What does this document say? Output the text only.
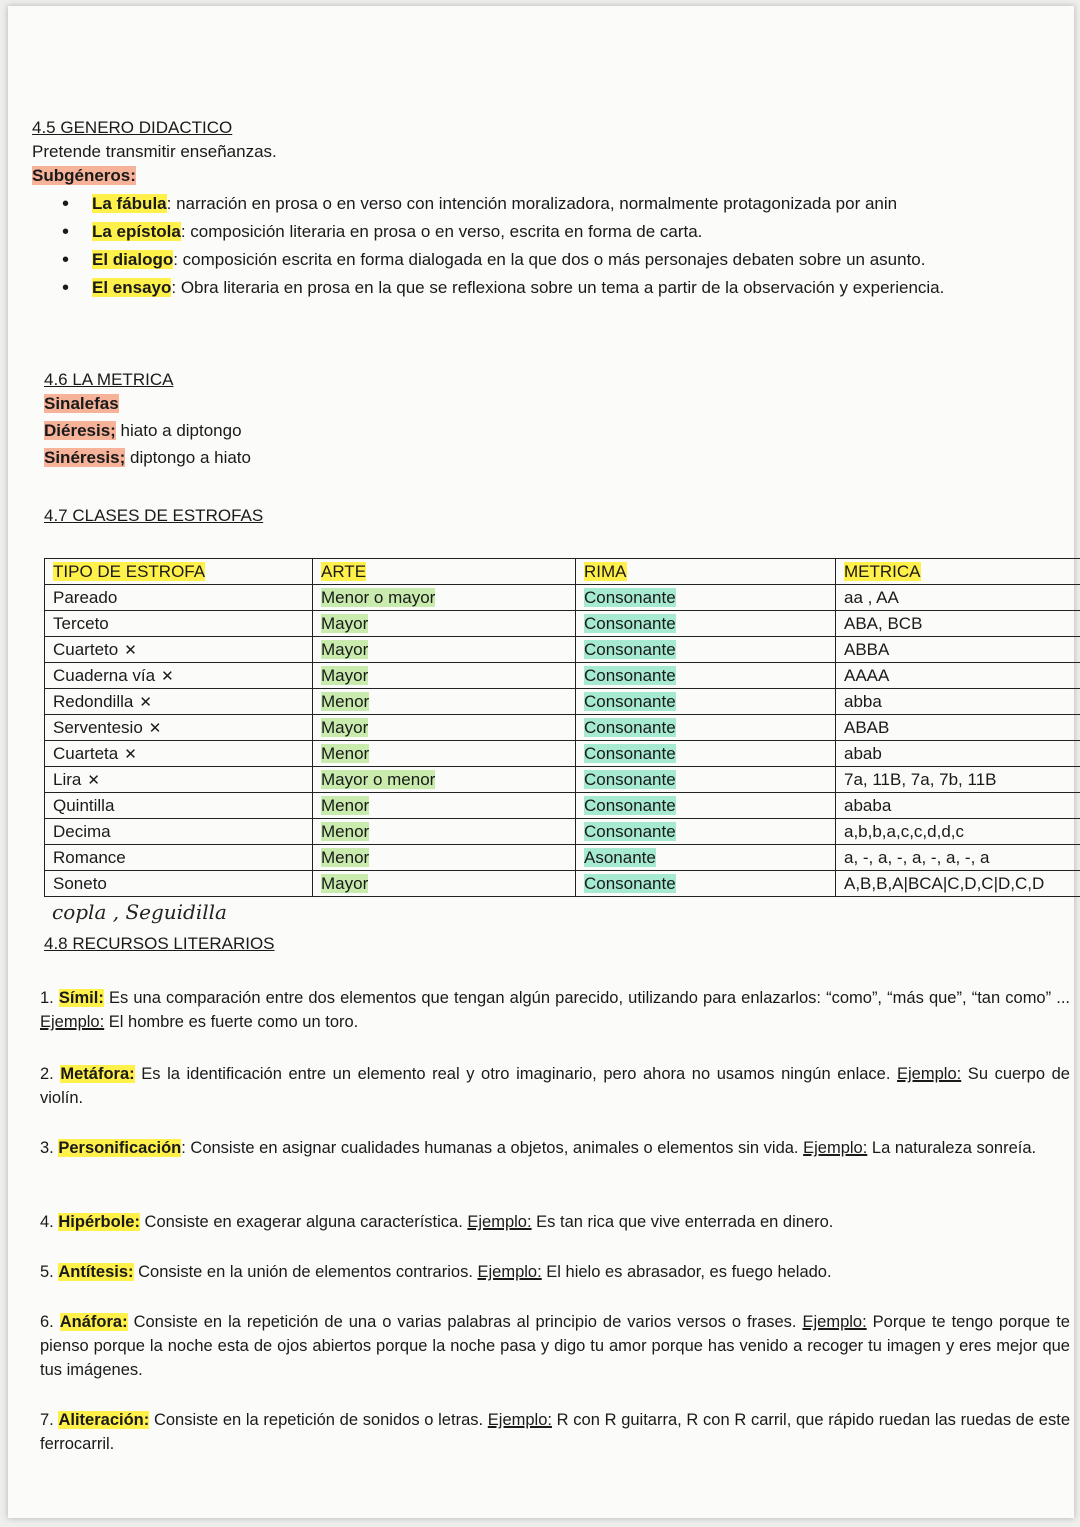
4.5 GENERO DIDACTICO
Pretende transmitir enseñanzas.
Subgéneros:
• La fábula: narración en prosa o en verso con intención moralizadora, normalmente protagonizada por anin
• La epístola: composición literaria en prosa o en verso, escrita en forma de carta.
• El dialogo: composición escrita en forma dialogada en la que dos o más personajes debaten sobre un asunto.
• El ensayo: Obra literaria en prosa en la que se reflexiona sobre un tema a partir de la observación y experiencia.
4.6 LA METRICA
Sinalefas
Diéresis; hiato a diptongo
Sinéresis; diptongo a hiato
4.7 CLASES DE ESTROFAS
TIPO DE ESTROFA	ARTE	RIMA	METRICA
Pareado	Menor o mayor	Consonante	aa , AA
Terceto	Mayor	Consonante	ABA, BCB
Cuarteto ✕	Mayor	Consonante	ABBA
Cuaderna vía ✕	Mayor	Consonante	AAAA
Redondilla ✕	Menor	Consonante	abba
Serventesio ✕	Mayor	Consonante	ABAB
Cuarteta ✕	Menor	Consonante	abab
Lira ✕	Mayor o menor	Consonante	7a, 11B, 7a, 7b, 11B
Quintilla	Menor	Consonante	ababa
Decima	Menor	Consonante	a,b,b,a,c,c,d,d,c
Romance	Menor	Asonante	a, -, a, -, a, -, a, -, a
Soneto	Mayor	Consonante	A,B,B,A|BCA|C,D,C|D,C,D
copla , Seguidilla
4.8 RECURSOS LITERARIOS
1. Símil: Es una comparación entre dos elementos que tengan algún parecido, utilizando para enlazarlos: “como”, “más que”, “tan como” ... Ejemplo: El hombre es fuerte como un toro.
2. Metáfora: Es la identificación entre un elemento real y otro imaginario, pero ahora no usamos ningún enlace. Ejemplo: Su cuerpo de violín.
3. Personificación: Consiste en asignar cualidades humanas a objetos, animales o elementos sin vida. Ejemplo: La naturaleza sonreía.
4. Hipérbole: Consiste en exagerar alguna característica. Ejemplo: Es tan rica que vive enterrada en dinero.
5. Antítesis: Consiste en la unión de elementos contrarios. Ejemplo: El hielo es abrasador, es fuego helado.
6. Anáfora: Consiste en la repetición de una o varias palabras al principio de varios versos o frases. Ejemplo: Porque te tengo porque te pienso porque la noche esta de ojos abiertos porque la noche pasa y digo tu amor porque has venido a recoger tu imagen y eres mejor que tus imágenes.
7. Aliteración: Consiste en la repetición de sonidos o letras. Ejemplo: R con R guitarra, R con R carril, que rápido ruedan las ruedas de este ferrocarril.
